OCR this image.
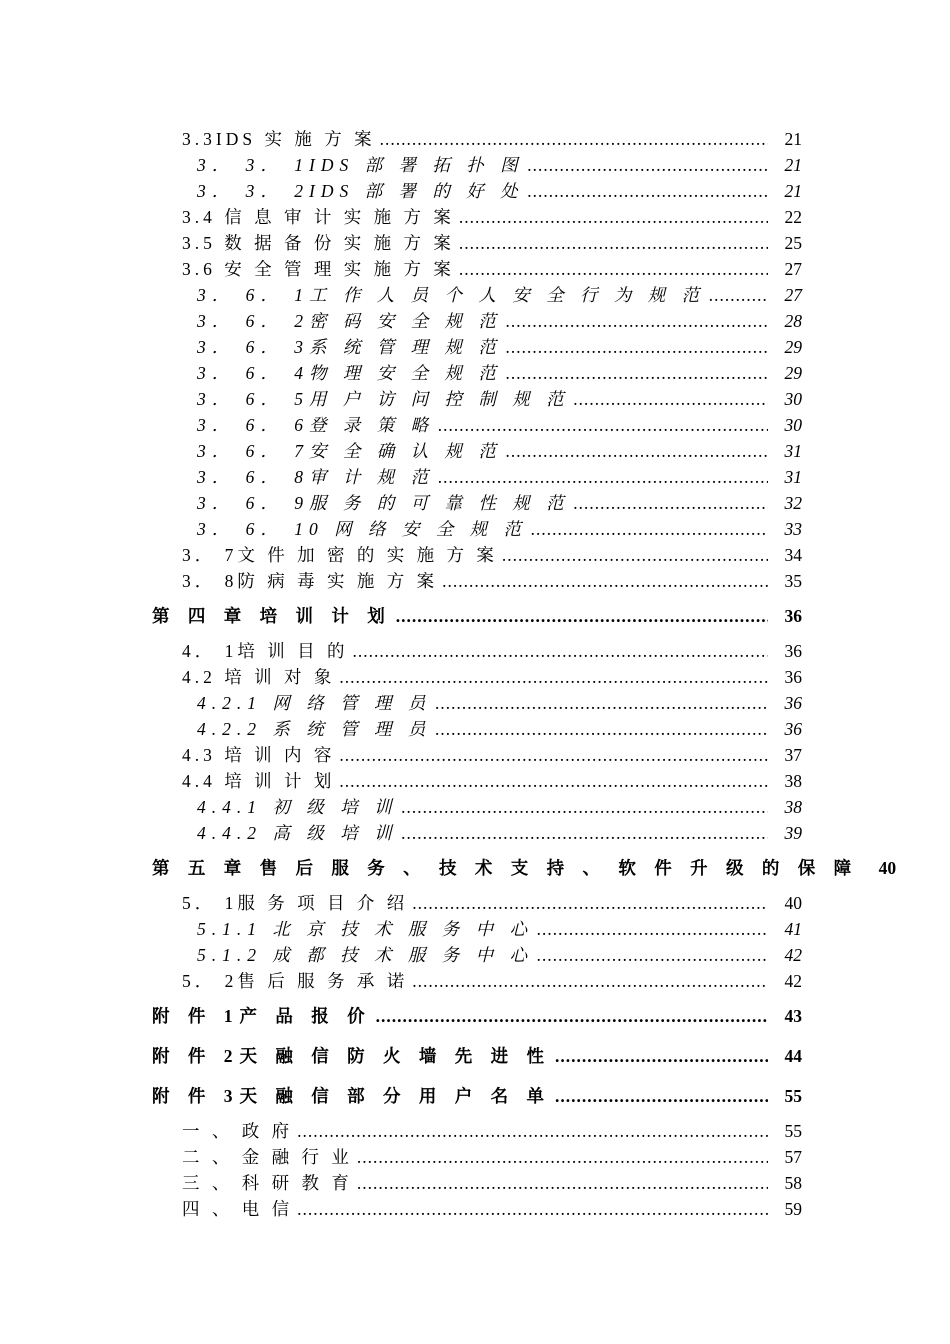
3.3IDS 实 施 方 案 .....	21
3． 3． 1IDS 部 署 拓 扑 图 .....	21
3． 3． 2IDS 部 署 的 好 处 .....	21
3.4 信 息 审 计 实 施 方 案 .....	22
3.5 数 据 备 份 实 施 方 案 .....	25
3.6 安 全 管 理 实 施 方 案 .....	27
3． 6． 1工 作 人 员 个 人 安 全 行 为 规 范 .....	27
3． 6． 2密 码 安 全 规 范 .....	28
3． 6． 3系 统 管 理 规 范 .....	29
3． 6． 4物 理 安 全 规 范 .....	29
3． 6． 5用 户 访 问 控 制 规 范 .....	30
3． 6． 6登 录 策 略 .....	30
3． 6． 7安 全 确 认 规 范 .....	31
3． 6． 8审 计 规 范 .....	31
3． 6． 9服 务 的 可 靠 性 规 范 .....	32
3． 6． 10 网 络 安 全 规 范 .....	33
3． 7文 件 加 密 的 实 施 方 案 .....	34
3． 8防 病 毒 实 施 方 案 .....	35
第 四 章 培 训 计 划 .....	36
4． 1培 训 目 的 .....	36
4.2 培 训 对 象 .....	36
4.2.1 网 络 管 理 员 .....	36
4.2.2 系 统 管 理 员 .....	36
4.3 培 训 内 容 .....	37
4.4 培 训 计 划 .....	38
4.4.1 初 级 培 训 .....	38
4.4.2 高 级 培 训 .....	39
第 五 章 售 后 服 务 、 技 术 支 持 、 软 件 升 级 的 保 障	40
5． 1服 务 项 目 介 绍 .....	40
5.1.1 北 京 技 术 服 务 中 心 .....	41
5.1.2 成 都 技 术 服 务 中 心 .....	42
5． 2售 后 服 务 承 诺 .....	42
附 件 1产 品 报 价 .....	43
附 件 2天 融 信 防 火 墙 先 进 性 .....	44
附 件 3天 融 信 部 分 用 户 名 单 .....	55
一 、 政 府 .....	55
二 、 金 融 行 业 .....	57
三 、 科 研 教 育 .....	58
四 、 电 信 .....	59
